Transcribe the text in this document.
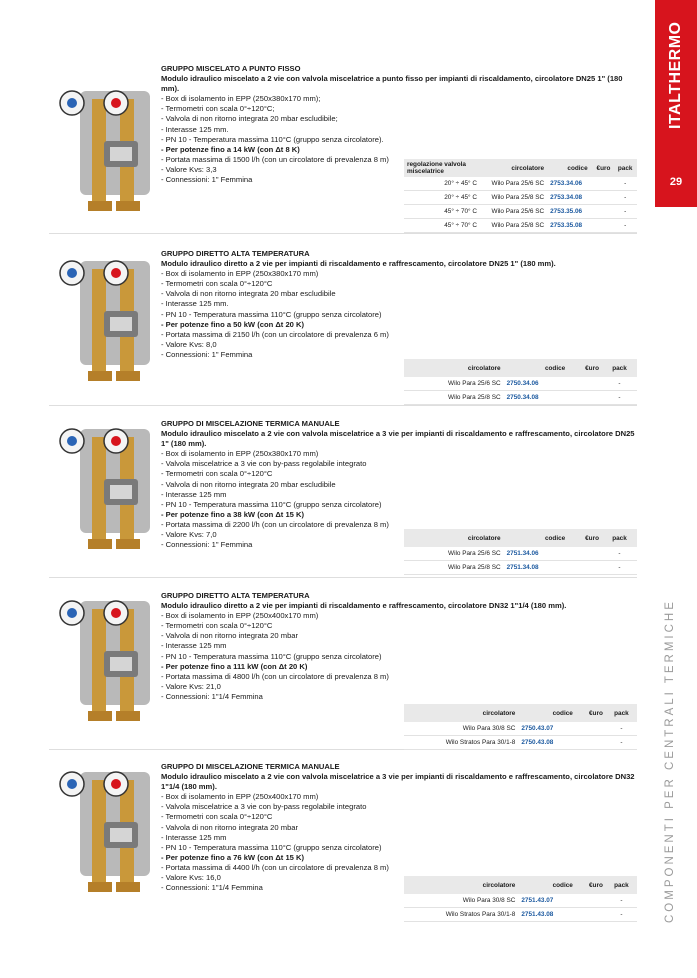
ITALTHERMO
29
COMPONENTI PER CENTRALI TERMICHE
GRUPPO MISCELATO A PUNTO FISSO
Modulo idraulico miscelato a 2 vie con valvola miscelatrice a punto fisso per impianti di riscaldamento, circolatore DN25 1" (180 mm).
- Box di isolamento in EPP (250x380x170 mm);
- Termometri con scala 0°÷120°C;
- Valvola di non ritorno integrata 20 mbar escludibile;
- Interasse 125 mm.
- PN 10 - Temperatura massima 110°C (gruppo senza circolatore).
- Per potenze fino a 14 kW (con Δt 8 K)
- Portata massima di 1500 l/h (con un circolatore di prevalenza 8 m)
- Valore Kvs: 3,3
- Connessioni: 1" Femmina
regolazione valvola miscelatrice	circolatore	codice	€uro	pack
20° ÷ 45° C	Wilo Para 25/6 SC	2753.34.06		-
20° ÷ 45° C	Wilo Para 25/8 SC	2753.34.08		-
45° ÷ 70° C	Wilo Para 25/6 SC	2753.35.06		-
45° ÷ 70° C	Wilo Para 25/8 SC	2753.35.08		-
GRUPPO DIRETTO ALTA TEMPERATURA
Modulo idraulico diretto a 2 vie per impianti di riscaldamento e raffrescamento, circolatore DN25 1" (180 mm).
- Box di isolamento in EPP (250x380x170 mm)
- Termometri con scala 0°÷120°C
- Valvola di non ritorno integrata 20 mbar escludibile
- Interasse 125 mm.
- PN 10 - Temperatura massima 110°C (gruppo senza circolatore)
- Per potenze fino a 50 kW (con Δt 20 K)
- Portata massima di 2150 l/h (con un circolatore di prevalenza 6 m)
- Valore Kvs: 8,0
- Connessioni: 1" Femmina
circolatore	codice	€uro	pack
Wilo Para 25/6 SC	2750.34.06		-
Wilo Para 25/8 SC	2750.34.08		-
GRUPPO DI MISCELAZIONE TERMICA MANUALE
Modulo idraulico miscelato a 2 vie con valvola miscelatrice a 3 vie per impianti di riscaldamento e raffrescamento, circolatore DN25 1" (180 mm).
- Box di isolamento in EPP (250x380x170 mm)
- Valvola miscelatrice a 3 vie con by-pass regolabile integrato
- Termometri con scala 0°÷120°C
- Valvola di non ritorno integrata 20 mbar escludibile
- Interasse 125 mm
- PN 10 - Temperatura massima 110°C (gruppo senza circolatore)
- Per potenze fino a 38 kW (con Δt 15 K)
- Portata massima di 2200 l/h (con un circolatore di prevalenza 8 m)
- Valore Kvs: 7,0
- Connessioni: 1" Femmina
circolatore	codice	€uro	pack
Wilo Para 25/6 SC	2751.34.06		-
Wilo Para 25/8 SC	2751.34.08		-
GRUPPO DIRETTO ALTA TEMPERATURA
Modulo idraulico diretto a 2 vie per impianti di riscaldamento e raffrescamento, circolatore DN32 1"1/4 (180 mm).
- Box di isolamento in EPP (250x400x170 mm)
- Termometri con scala 0°÷120°C
- Valvola di non ritorno integrata 20 mbar
- Interasse 125 mm
- PN 10 - Temperatura massima 110°C (gruppo senza circolatore)
- Per potenze fino a 111 kW (con Δt 20 K)
- Portata massima di 4800 l/h (con un circolatore di prevalenza 8 m)
- Valore Kvs: 21,0
- Connessioni: 1"1/4 Femmina
circolatore	codice	€uro	pack
Wilo Para 30/8 SC	2750.43.07		-
Wilo Stratos Para 30/1-8	2750.43.08		-
GRUPPO DI MISCELAZIONE TERMICA MANUALE
Modulo idraulico miscelato a 2 vie con valvola miscelatrice a 3 vie per impianti di riscaldamento e raffrescamento, circolatore DN32 1"1/4 (180 mm).
- Box di isolamento in EPP (250x400x170 mm)
- Valvola miscelatrice a 3 vie con by-pass regolabile integrato
- Termometri con scala 0°÷120°C
- Valvola di non ritorno integrata 20 mbar
- Interasse 125 mm
- PN 10 - Temperatura massima 110°C (gruppo senza circolatore)
- Per potenze fino a 76 kW (con Δt 15 K)
- Portata massima di 4400 l/h (con un circolatore di prevalenza 8 m)
- Valore Kvs: 16,0
- Connessioni: 1"1/4 Femmina	circolatore	codice	€uro	pack
Wilo Para 30/8 SC	2751.43.07		-
Wilo Stratos Para 30/1-8	2751.43.08		-
